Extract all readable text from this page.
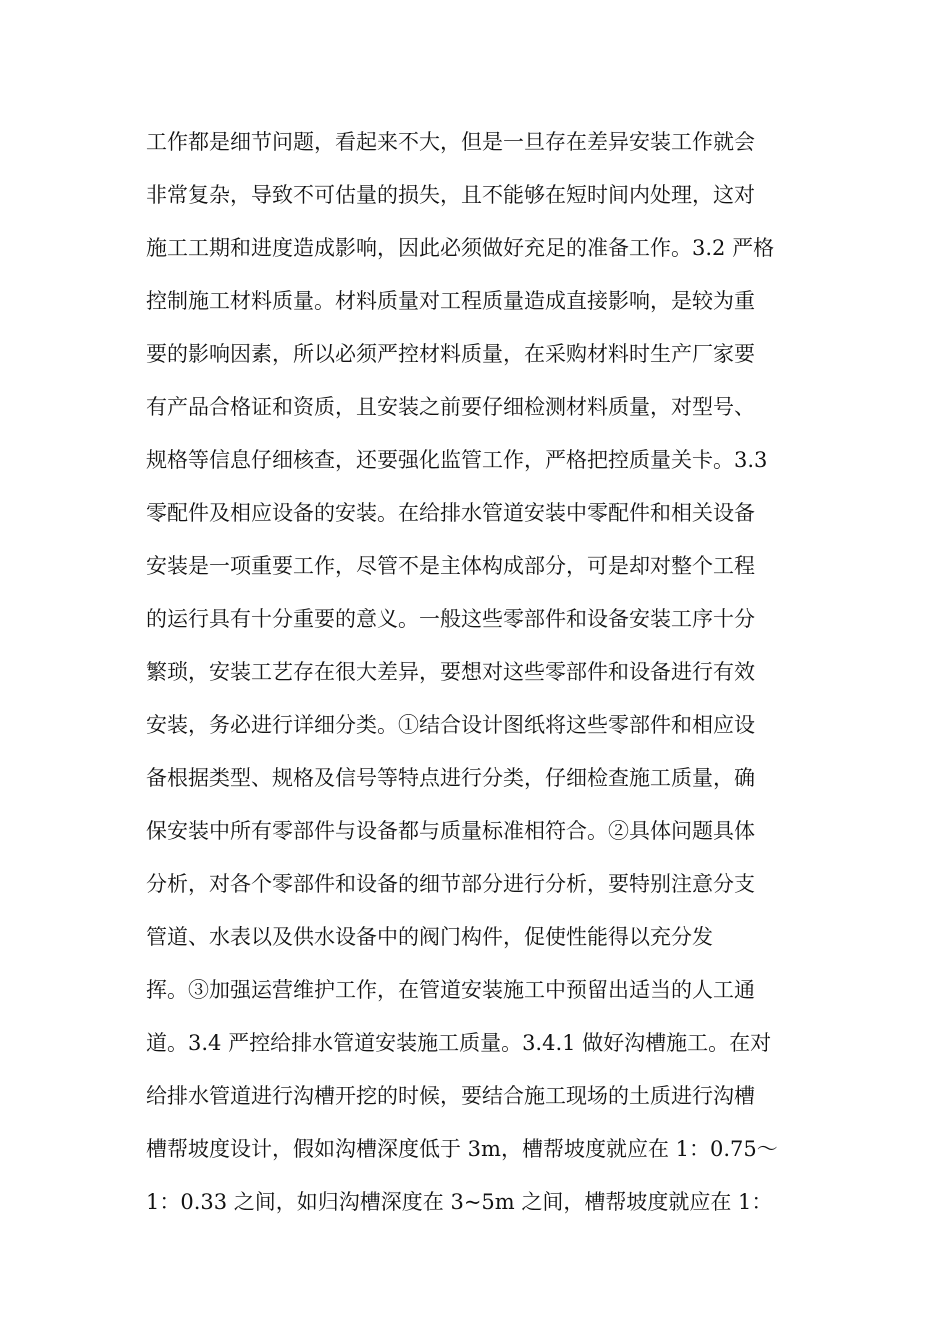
工作都是细节问题，看起来不大，但是一旦存在差异安装工作就会
非常复杂，导致不可估量的损失，且不能够在短时间内处理，这对
施工工期和进度造成影响，因此必须做好充足的准备工作。3.2 严格
控制施工材料质量。材料质量对工程质量造成直接影响，是较为重
要的影响因素，所以必须严控材料质量，在采购材料时生产厂家要
有产品合格证和资质，且安装之前要仔细检测材料质量，对型号、
规格等信息仔细核查，还要强化监管工作，严格把控质量关卡。3.3
零配件及相应设备的安装。在给排水管道安装中零配件和相关设备
安装是一项重要工作，尽管不是主体构成部分，可是却对整个工程
的运行具有十分重要的意义。一般这些零部件和设备安装工序十分
繁琐，安装工艺存在很大差异，要想对这些零部件和设备进行有效
安装，务必进行详细分类。①结合设计图纸将这些零部件和相应设
备根据类型、规格及信号等特点进行分类，仔细检查施工质量，确
保安装中所有零部件与设备都与质量标准相符合。②具体问题具体
分析，对各个零部件和设备的细节部分进行分析，要特别注意分支
管道、水表以及供水设备中的阀门构件，促使性能得以充分发
挥。③加强运营维护工作，在管道安装施工中预留出适当的人工通
道。3.4 严控给排水管道安装施工质量。3.4.1 做好沟槽施工。在对
给排水管道进行沟槽开挖的时候，要结合施工现场的土质进行沟槽
槽帮坡度设计，假如沟槽深度低于 3m，槽帮坡度就应在 1：0.75～
1：0.33 之间，如归沟槽深度在 3~5m 之间，槽帮坡度就应在 1：
